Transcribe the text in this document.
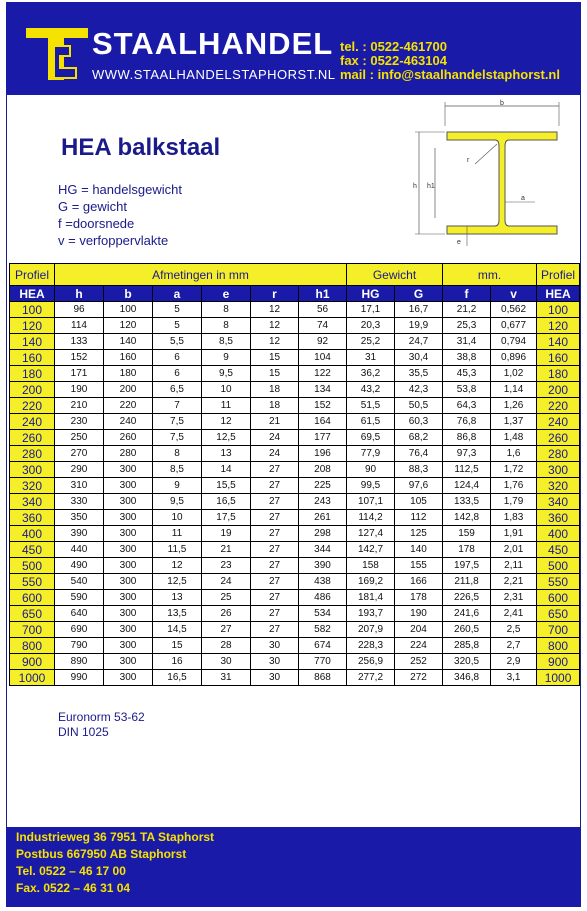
STAALHANDEL
WWW.STAALHANDELSTAPHORST.NL
tel. : 0522-461700
fax : 0522-463104
mail : info@staalhandelstaphorst.nl
HEA balkstaal
HG = handelsgewicht
G = gewicht
f =doorsnede
v = verfoppervlakte
b
h h1
r
a
e
Profiel	Afmetingen in mm						Gewicht		mm.		Profiel
HEA	h	b	a	e	r	h1	HG	G	f	v	HEA
100	96	100	5	8	12	56	17,1	16,7	21,2	0,562	100
120	114	120	5	8	12	74	20,3	19,9	25,3	0,677	120
140	133	140	5,5	8,5	12	92	25,2	24,7	31,4	0,794	140
160	152	160	6	9	15	104	31	30,4	38,8	0,896	160
180	171	180	6	9,5	15	122	36,2	35,5	45,3	1,02	180
200	190	200	6,5	10	18	134	43,2	42,3	53,8	1,14	200
220	210	220	7	11	18	152	51,5	50,5	64,3	1,26	220
240	230	240	7,5	12	21	164	61,5	60,3	76,8	1,37	240
260	250	260	7,5	12,5	24	177	69,5	68,2	86,8	1,48	260
280	270	280	8	13	24	196	77,9	76,4	97,3	1,6	280
300	290	300	8,5	14	27	208	90	88,3	112,5	1,72	300
320	310	300	9	15,5	27	225	99,5	97,6	124,4	1,76	320
340	330	300	9,5	16,5	27	243	107,1	105	133,5	1,79	340
360	350	300	10	17,5	27	261	114,2	112	142,8	1,83	360
400	390	300	11	19	27	298	127,4	125	159	1,91	400
450	440	300	11,5	21	27	344	142,7	140	178	2,01	450
500	490	300	12	23	27	390	158	155	197,5	2,11	500
550	540	300	12,5	24	27	438	169,2	166	211,8	2,21	550
600	590	300	13	25	27	486	181,4	178	226,5	2,31	600
650	640	300	13,5	26	27	534	193,7	190	241,6	2,41	650
700	690	300	14,5	27	27	582	207,9	204	260,5	2,5	700
800	790	300	15	28	30	674	228,3	224	285,8	2,7	800
900	890	300	16	30	30	770	256,9	252	320,5	2,9	900
1000	990	300	16,5	31	30	868	277,2	272	346,8	3,1	1000
Euronorm 53-62
DIN 1025
Industrieweg 36 7951 TA Staphorst
Postbus 667950 AB Staphorst
Tel. 0522 – 46 17 00
Fax. 0522 – 46 31 04
